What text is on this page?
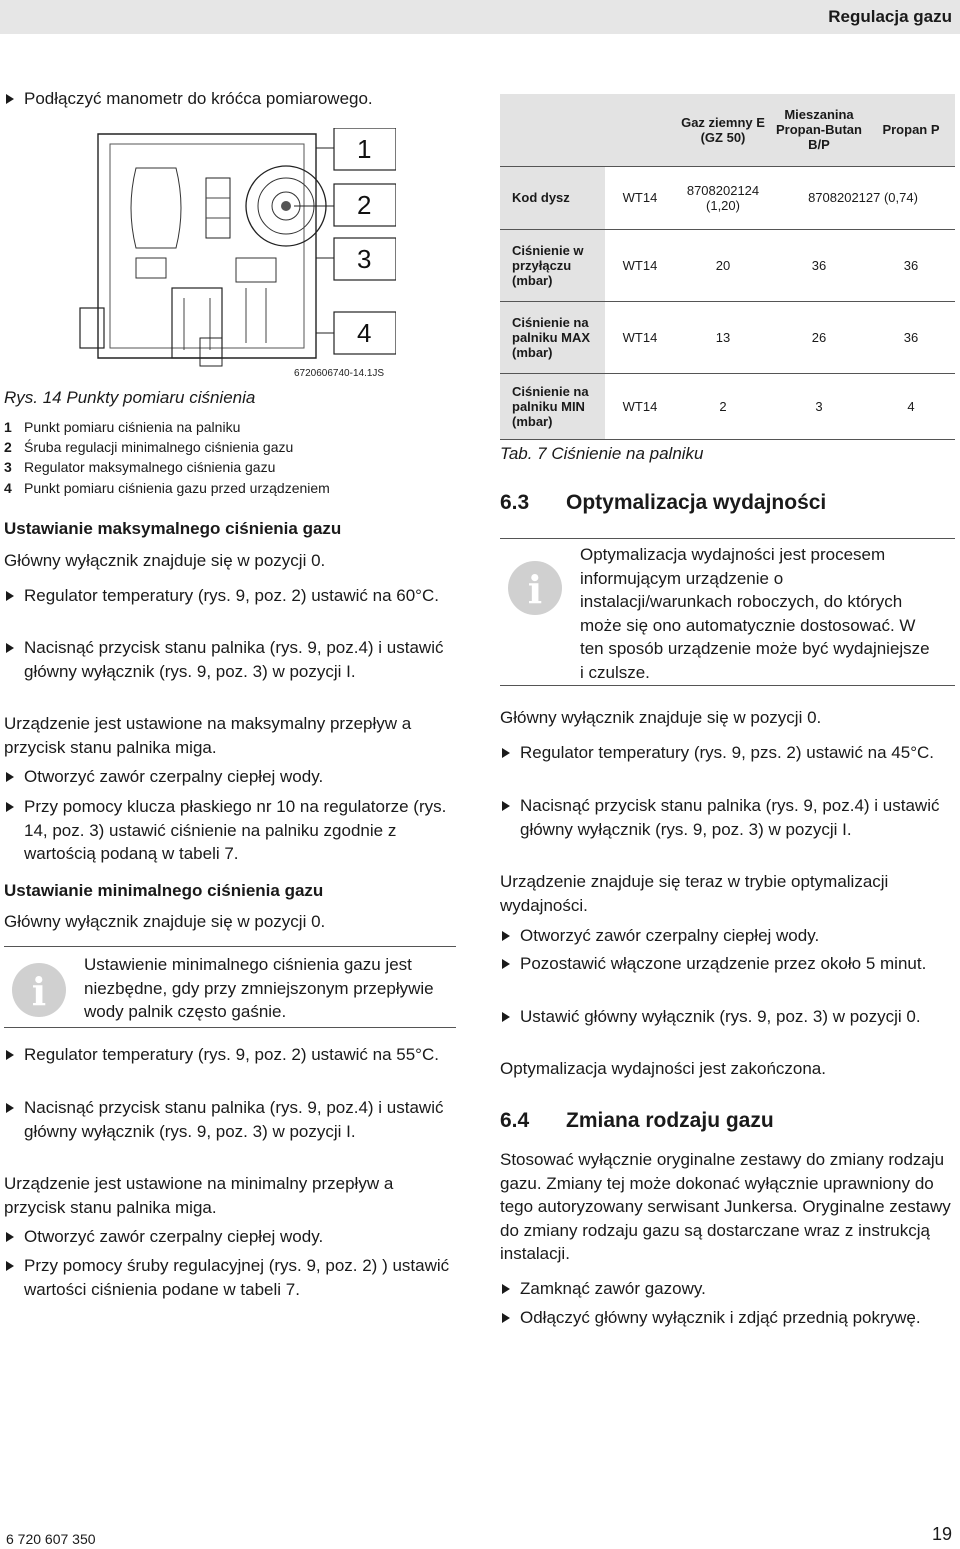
Regulacja gazu
Podłączyć manometr do króćca pomiarowego.
1
2
3
4
6720606740-14.1JS
Rys. 14 Punkty pomiaru ciśnienia
1 Punkt pomiaru ciśnienia na palniku
2 Śruba regulacji minimalnego ciśnienia gazu
3 Regulator maksymalnego ciśnienia gazu
4 Punkt pomiaru ciśnienia gazu przed urządzeniem
Ustawianie maksymalnego ciśnienia gazu
Główny wyłącznik znajduje się w pozycji 0.
Regulator temperatury (rys. 9, poz. 2) ustawić na 60°C.
Nacisnąć przycisk stanu palnika (rys. 9, poz.4) i ustawić główny wyłącznik (rys. 9, poz. 3) w pozycji I.
Urządzenie jest ustawione na maksymalny przepływ a przycisk stanu palnika miga.
Otworzyć zawór czerpalny ciepłej wody.
Przy pomocy klucza płaskiego nr 10 na regulatorze (rys. 14, poz. 3) ustawić ciśnienie na palniku zgodnie z wartością podaną w tabeli 7.
Ustawianie minimalnego ciśnienia gazu
Główny wyłącznik znajduje się w pozycji 0.
i
Ustawienie minimalnego ciśnienia gazu jest niezbędne, gdy przy zmniejszonym przepływie wody palnik często gaśnie.
Regulator temperatury (rys. 9, poz. 2) ustawić na 55°C.
Nacisnąć przycisk stanu palnika (rys. 9, poz.4) i ustawić główny wyłącznik (rys. 9, poz. 3) w pozycji I.
Urządzenie jest ustawione na minimalny przepływ a przycisk stanu palnika miga.
Otworzyć zawór czerpalny ciepłej wody.
Przy pomocy śruby regulacyjnej (rys. 9, poz. 2) ) ustawić wartości ciśnienia podane w tabeli 7.
		Gaz ziemny E (GZ 50)	Mieszanina Propan-Butan B/P	Propan P
Kod dysz	WT14	8708202124 (1,20)	8708202127 (0,74)	
Ciśnienie w przyłączu (mbar)	WT14	20	36	36
Ciśnienie na palniku MAX (mbar)	WT14	13	26	36
Ciśnienie na palniku MIN (mbar)	WT14	2	3	4
Tab. 7 Ciśnienie na palniku
6.3 Optymalizacja wydajności
i
Optymalizacja wydajności jest procesem informującym urządzenie o instalacji/warunkach roboczych, do których może się ono automatycznie dostosować. W ten sposób urządzenie może być wydajniejsze i czulsze.
Główny wyłącznik znajduje się w pozycji 0.
Regulator temperatury (rys. 9, pzs. 2) ustawić na 45°C.
Nacisnąć przycisk stanu palnika (rys. 9, poz.4) i ustawić główny wyłącznik (rys. 9, poz. 3) w pozycji I.
Urządzenie znajduje się teraz w trybie optymalizacji wydajności.
Otworzyć zawór czerpalny ciepłej wody.
Pozostawić włączone urządzenie przez około 5 minut.
Ustawić główny wyłącznik (rys. 9, poz. 3) w pozycji 0.
Optymalizacja wydajności jest zakończona.
6.4 Zmiana rodzaju gazu
Stosować wyłącznie oryginalne zestawy do zmiany rodzaju gazu. Zmiany tej może dokonać wyłącznie uprawniony do tego autoryzowany serwisant Junkersa. Oryginalne zestawy do zmiany rodzaju gazu są dostarczane wraz z instrukcją instalacji.
Zamknąć zawór gazowy.
Odłączyć główny wyłącznik i zdjąć przednią pokrywę.
6 720 607 350	19
